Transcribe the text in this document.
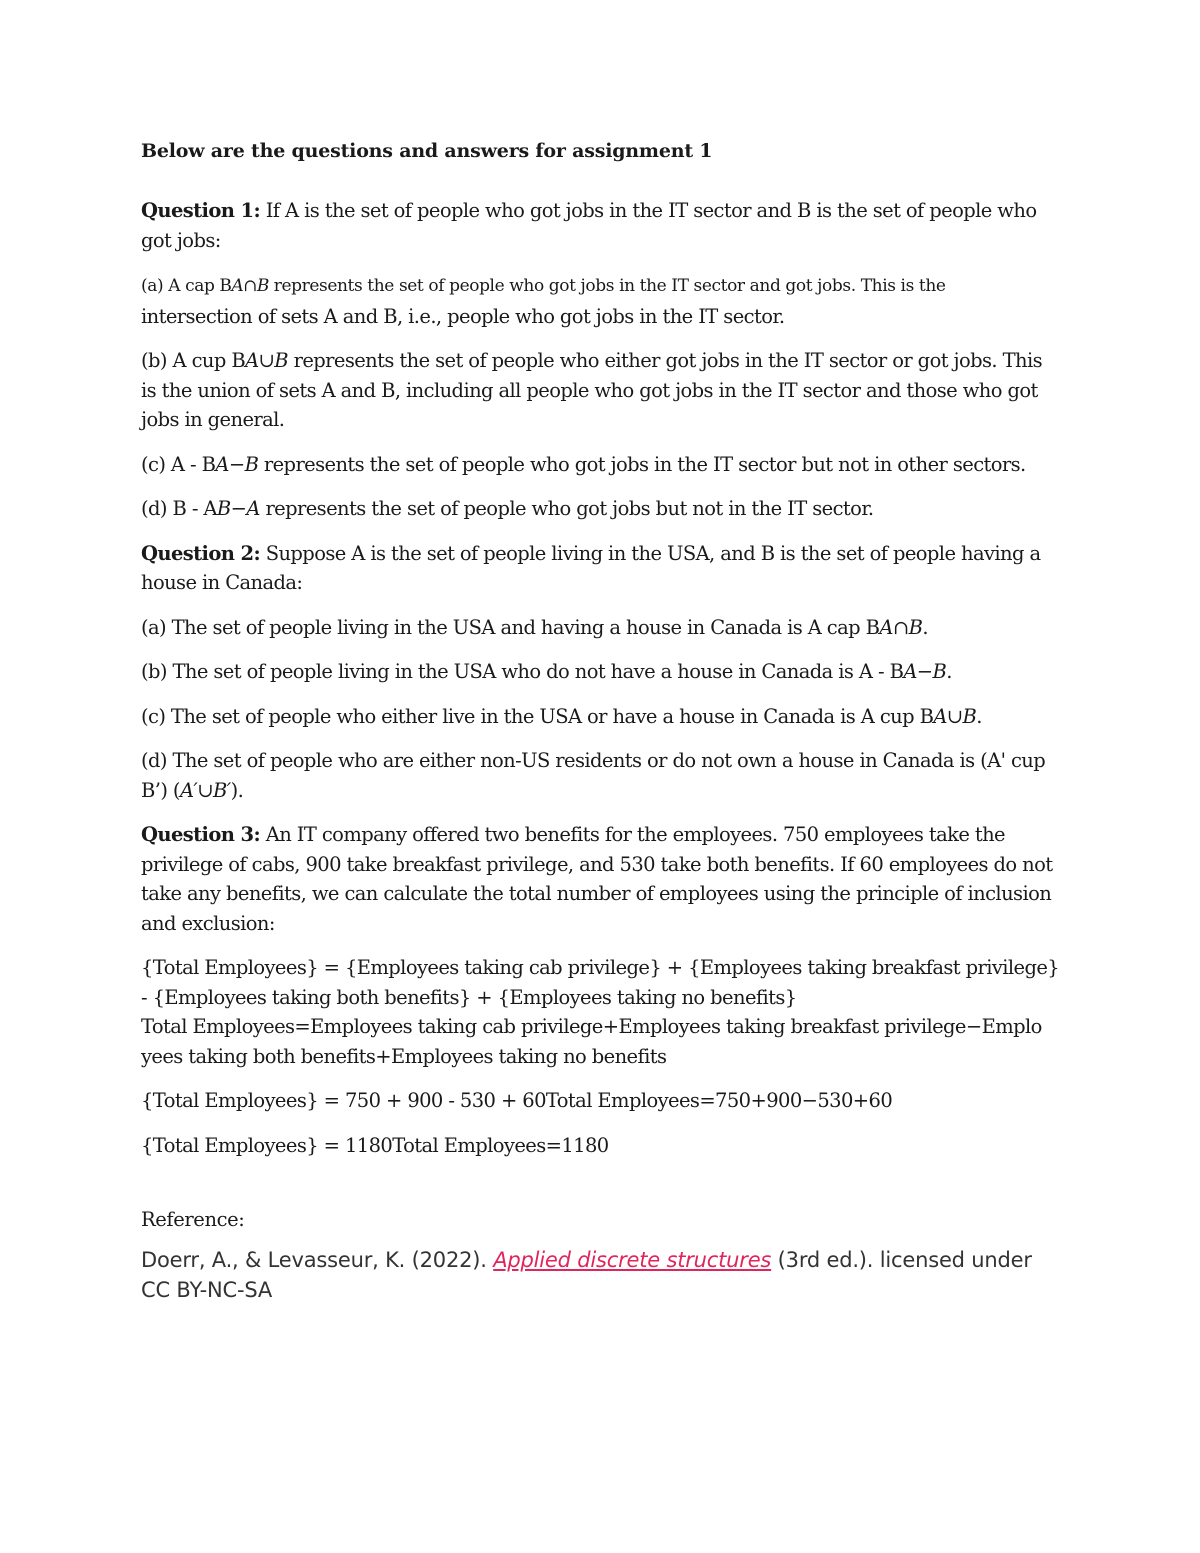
Below are the questions and answers for assignment 1

Question 1: If A is the set of people who got jobs in the IT sector and B is the set of people who got jobs:

(a) A cap BA∩B represents the set of people who got jobs in the IT sector and got jobs. This is the
intersection of sets A and B, i.e., people who got jobs in the IT sector.

(b) A cup BA∪B represents the set of people who either got jobs in the IT sector or got jobs. This is the union of sets A and B, including all people who got jobs in the IT sector and those who got jobs in general.

(c) A - BA−B represents the set of people who got jobs in the IT sector but not in other sectors.

(d) B - AB−A represents the set of people who got jobs but not in the IT sector.

Question 2: Suppose A is the set of people living in the USA, and B is the set of people having a house in Canada:

(a) The set of people living in the USA and having a house in Canada is A cap BA∩B.

(b) The set of people living in the USA who do not have a house in Canada is A - BA−B.

(c) The set of people who either live in the USA or have a house in Canada is A cup BA∪B.

(d) The set of people who are either non-US residents or do not own a house in Canada is (A' cup B’) (A′∪B′).

Question 3: An IT company offered two benefits for the employees. 750 employees take the privilege of cabs, 900 take breakfast privilege, and 530 take both benefits. If 60 employees do not take any benefits, we can calculate the total number of employees using the principle of inclusion and exclusion:

{Total Employees} = {Employees taking cab privilege} + {Employees taking breakfast privilege} - {Employees taking both benefits} + {Employees taking no benefits}
Total Employees=Employees taking cab privilege+Employees taking breakfast privilege−Emplo yees taking both benefits+Employees taking no benefits

{Total Employees} = 750 + 900 - 530 + 60Total Employees=750+900−530+60

{Total Employees} = 1180Total Employees=1180

Reference:

Doerr, A., & Levasseur, K. (2022). Applied discrete structures (3rd ed.). licensed under CC BY-NC-SA
